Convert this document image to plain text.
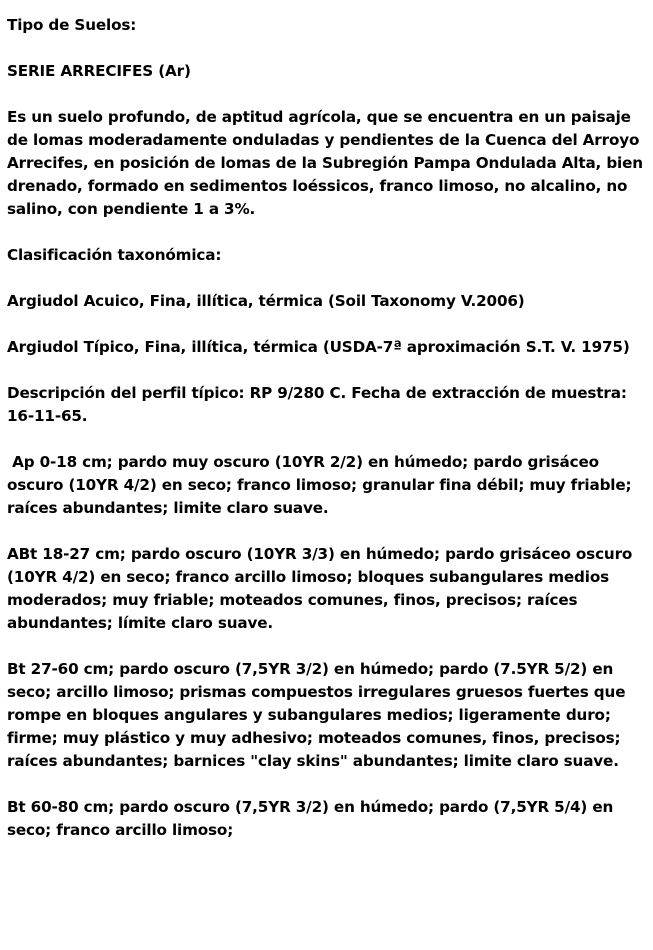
Tipo de Suelos:

SERIE ARRECIFES (Ar)

Es un suelo profundo, de aptitud agrícola, que se encuentra en un paisaje de lomas moderadamente onduladas y pendientes de la Cuenca del Arroyo Arrecifes, en posición de lomas de la Subregión Pampa Ondulada Alta, bien drenado, formado en sedimentos loéssicos, franco limoso, no alcalino, no salino, con pendiente 1 a 3%.

Clasificación taxonómica:

Argiudol Acuico, Fina, illítica, térmica (Soil Taxonomy V.2006)

Argiudol Típico, Fina, illítica, térmica (USDA-7ª aproximación S.T. V. 1975)

Descripción del perfil típico: RP 9/280 C. Fecha de extracción de muestra: 16-11-65.

Ap 0-18 cm; pardo muy oscuro (10YR 2/2) en húmedo; pardo grisáceo oscuro (10YR 4/2) en seco; franco limoso; granular fina débil; muy friable; raíces abundantes; limite claro suave.

ABt 18-27 cm; pardo oscuro (10YR 3/3) en húmedo; pardo grisáceo oscuro (10YR 4/2) en seco; franco arcillo limoso; bloques subangulares medios moderados; muy friable; moteados comunes, finos, precisos; raíces abundantes; límite claro suave.

Bt 27-60 cm; pardo oscuro (7,5YR 3/2) en húmedo; pardo (7.5YR 5/2) en seco; arcillo limoso; prismas compuestos irregulares gruesos fuertes que rompe en bloques angulares y subangulares medios; ligeramente duro; firme; muy plástico y muy adhesivo; moteados comunes, finos, precisos; raíces abundantes; barnices "clay skins" abundantes; limite claro suave.

Bt 60-80 cm; pardo oscuro (7,5YR 3/2) en húmedo; pardo (7,5YR 5/4) en seco; franco arcillo limoso;
